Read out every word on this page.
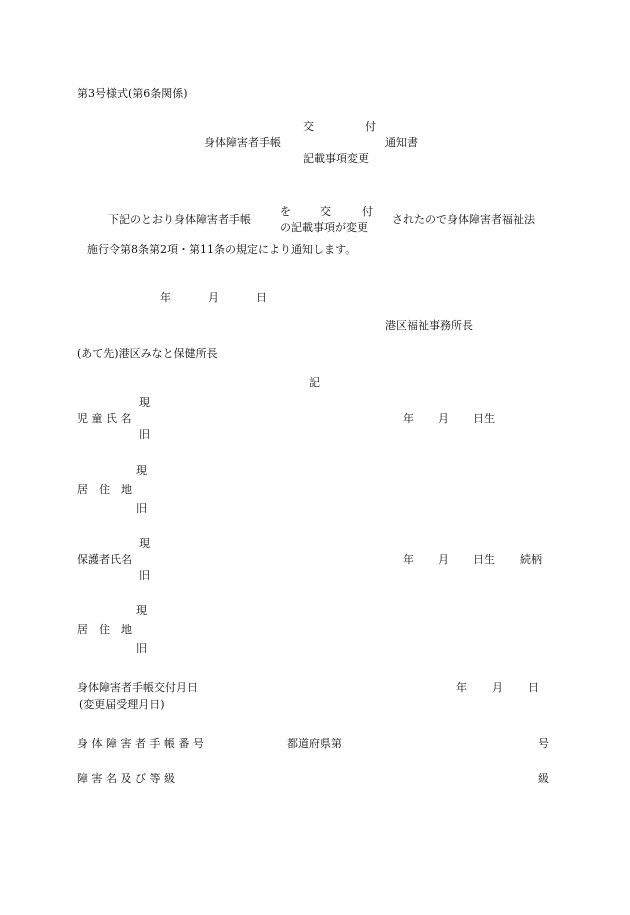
第3号様式(第6条関係)
交	付
身体障害者手帳	通知書
記載事項変更
を	交	付
下記のとおり身体障害者手帳	されたので身体障害者福祉法
の記載事項が変更
施行令第8条第2項・第11条の規定により通知します。
年	月	日
港区福祉事務所長
(あて先)港区みなと保健所長
記
現
児 童 氏 名	年 月 日生
旧
現
居　住　地
旧
現
保護者氏名	年 月 日生 続柄
旧
現
居　住　地
旧
身体障害者手帳交付月日	年 月 日
(変更届受理月日)
身 体 障 害 者 手 帳 番 号	都道府県第	号
障 害 名 及 び 等 級	級
